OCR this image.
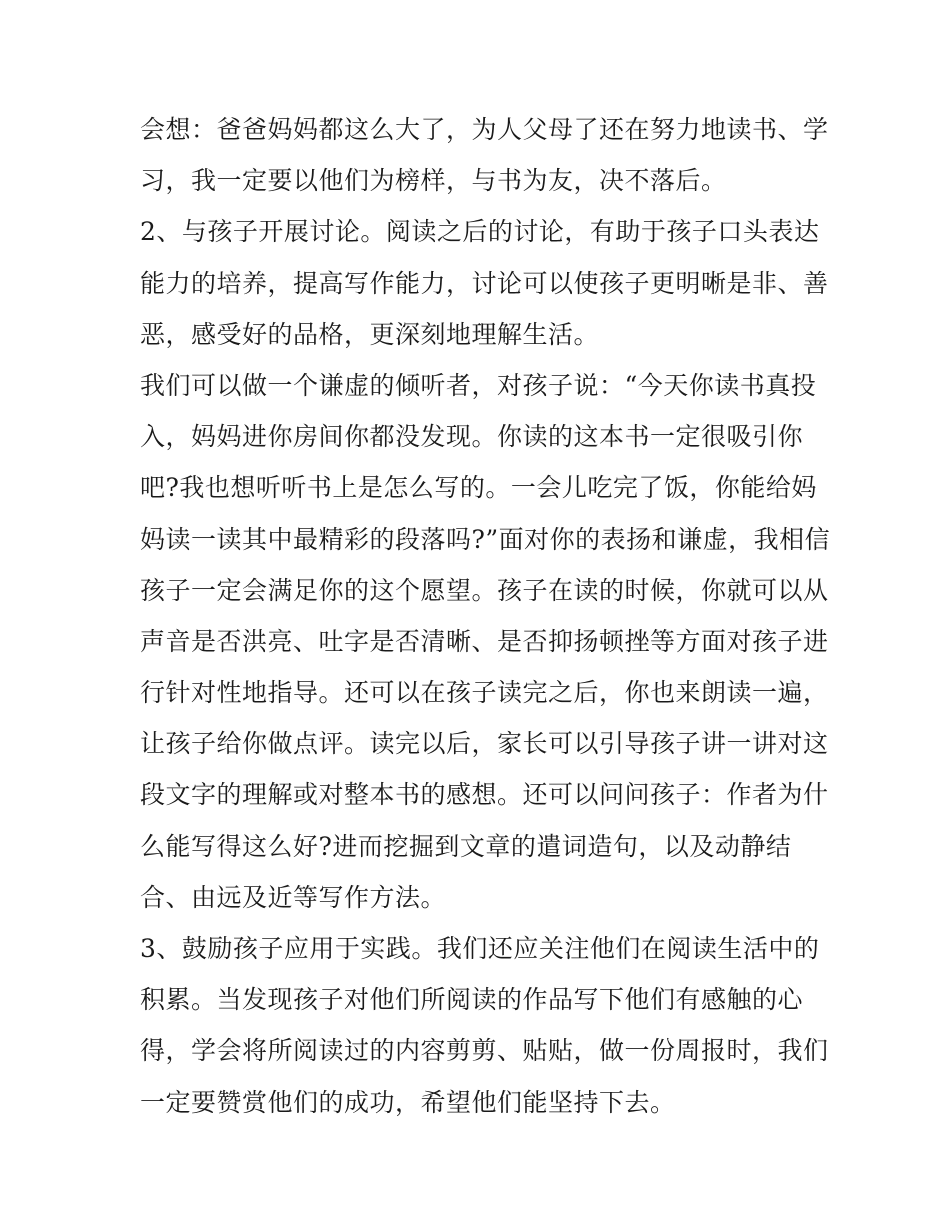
会想：爸爸妈妈都这么大了，为人父母了还在努力地读书、学
习，我一定要以他们为榜样，与书为友，决不落后。
2、与孩子开展讨论。阅读之后的讨论，有助于孩子口头表达
能力的培养，提高写作能力，讨论可以使孩子更明晰是非、善
恶，感受好的品格，更深刻地理解生活。
我们可以做一个谦虚的倾听者，对孩子说：“今天你读书真投
入，妈妈进你房间你都没发现。你读的这本书一定很吸引你
吧?我也想听听书上是怎么写的。一会儿吃完了饭，你能给妈
妈读一读其中最精彩的段落吗?”面对你的表扬和谦虚，我相信
孩子一定会满足你的这个愿望。孩子在读的时候，你就可以从
声音是否洪亮、吐字是否清晰、是否抑扬顿挫等方面对孩子进
行针对性地指导。还可以在孩子读完之后，你也来朗读一遍，
让孩子给你做点评。读完以后，家长可以引导孩子讲一讲对这
段文字的理解或对整本书的感想。还可以问问孩子：作者为什
么能写得这么好?进而挖掘到文章的遣词造句，以及动静结
合、由远及近等写作方法。
3、鼓励孩子应用于实践。我们还应关注他们在阅读生活中的
积累。当发现孩子对他们所阅读的作品写下他们有感触的心
得，学会将所阅读过的内容剪剪、贴贴，做一份周报时，我们
一定要赞赏他们的成功，希望他们能坚持下去。
